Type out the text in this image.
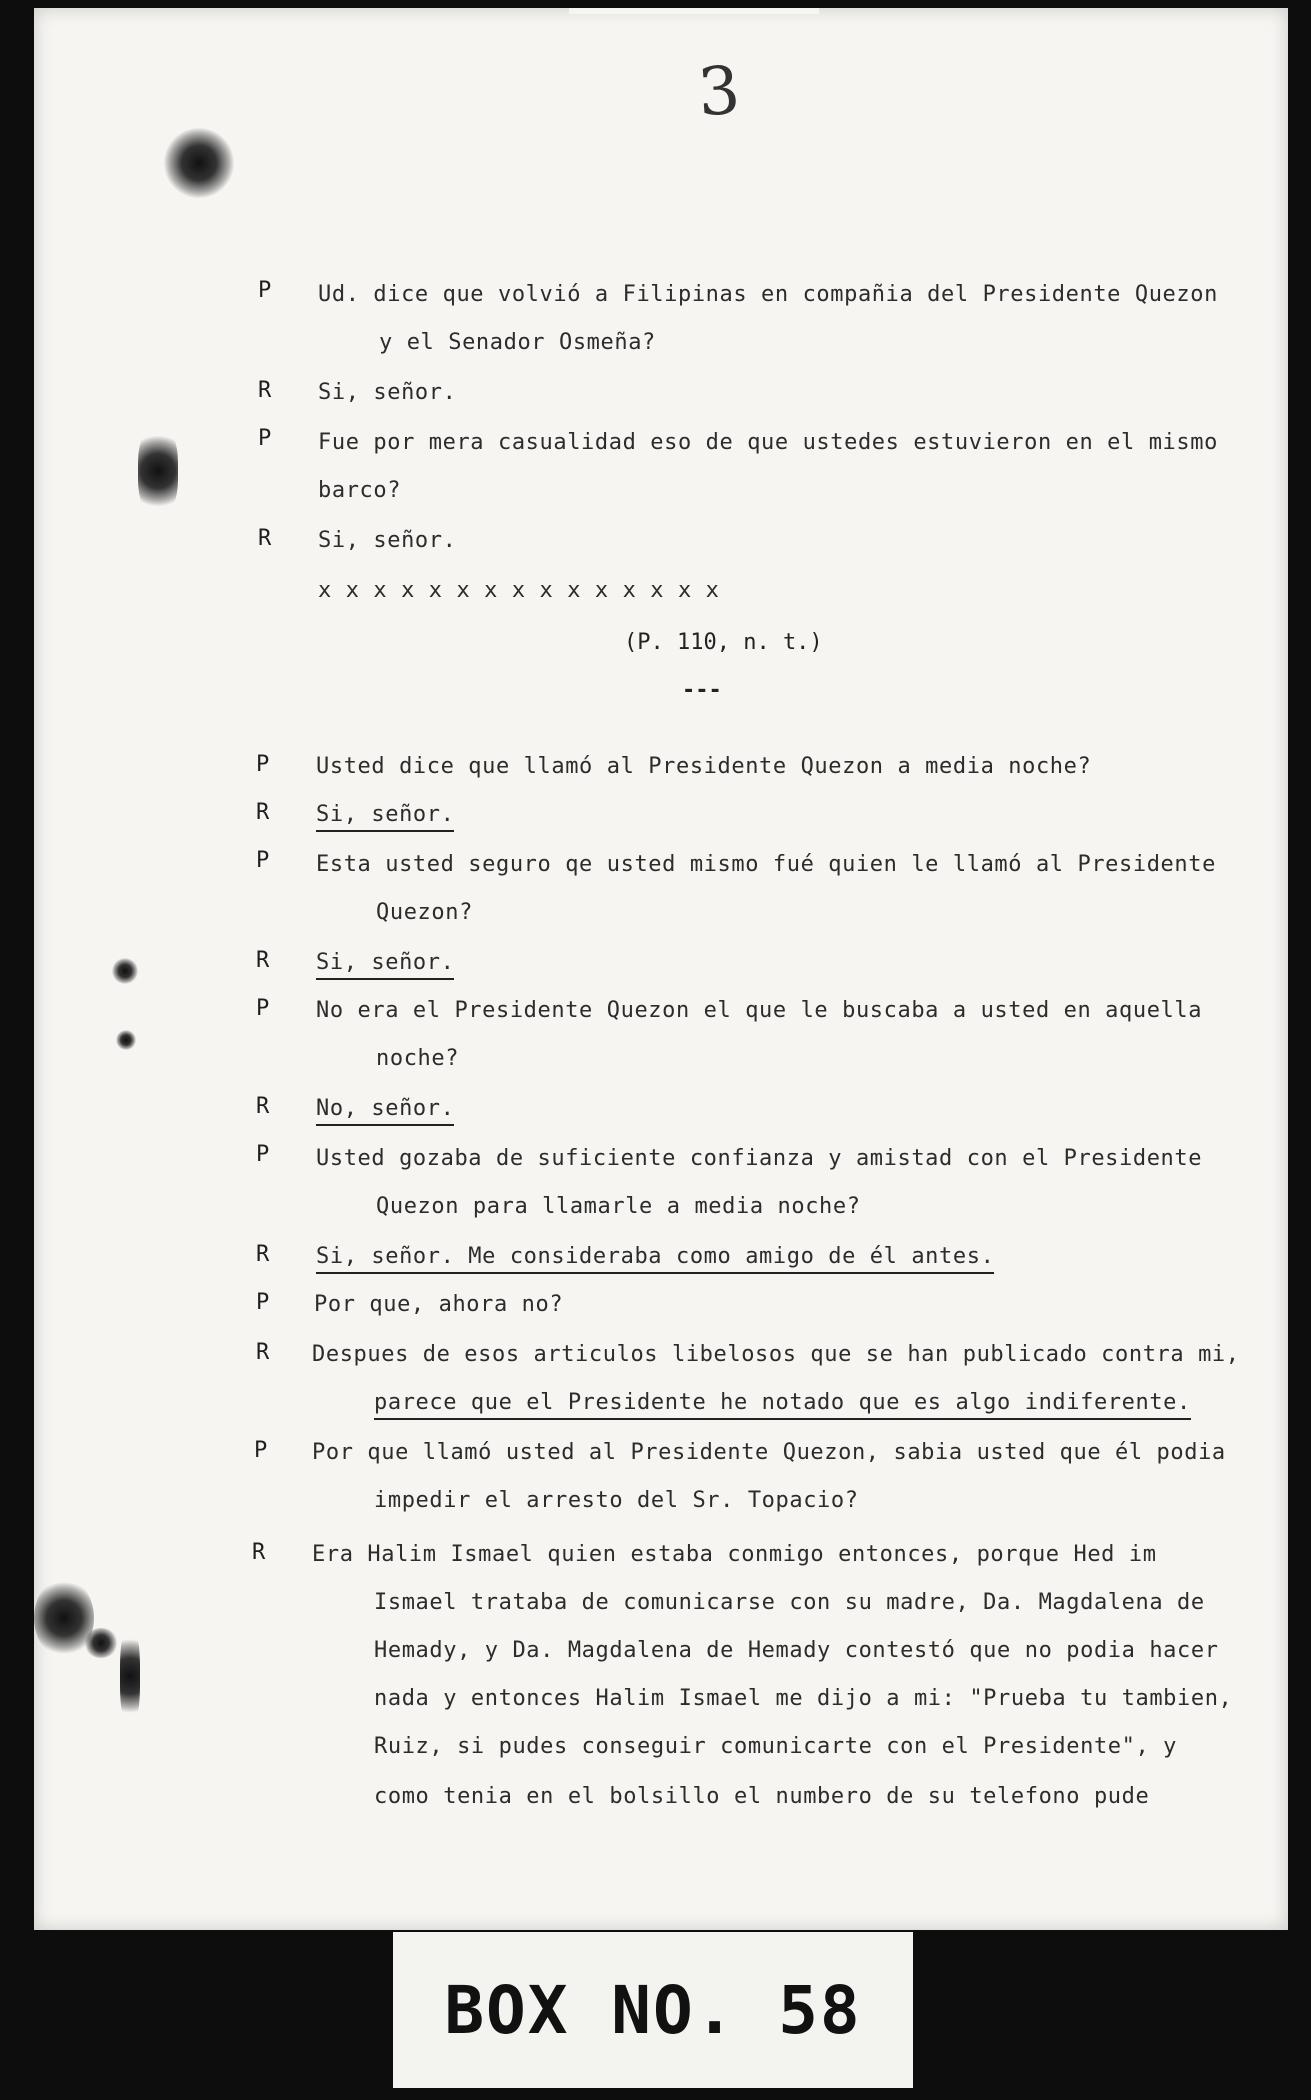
3
P Ud. dice que volvió a Filipinas en compañia del Presidente Quezon
y el Senador Osmeña?
R Si, señor.
P Fue por mera casualidad eso de que ustedes estuvieron en el mismo
barco?
R Si, señor.
x x x x x x x x x x x x x x x
(P. 110, n. t.)
---
P Usted dice que llamó al Presidente Quezon a media noche?
R Si, señor.
P Esta usted seguro qe usted mismo fué quien le llamó al Presidente
Quezon?
R Si, señor.
P No era el Presidente Quezon el que le buscaba a usted en aquella
noche?
R No, señor.
P Usted gozaba de suficiente confianza y amistad con el Presidente
Quezon para llamarle a media noche?
R Si, señor. Me consideraba como amigo de él antes.
P Por que, ahora no?
R Despues de esos articulos libelosos que se han publicado contra mi,
parece que el Presidente he notado que es algo indiferente.
P Por que llamó usted al Presidente Quezon, sabia usted que él podia
impedir el arresto del Sr. Topacio?
R Era Halim Ismael quien estaba conmigo entonces, porque Hed im
Ismael trataba de comunicarse con su madre, Da. Magdalena de
Hemady, y Da. Magdalena de Hemady contestó que no podia hacer
nada y entonces Halim Ismael me dijo a mi: "Prueba tu tambien,
Ruiz, si pudes conseguir comunicarte con el Presidente", y
como tenia en el bolsillo el numbero de su telefono pude
BOX NO. 58
